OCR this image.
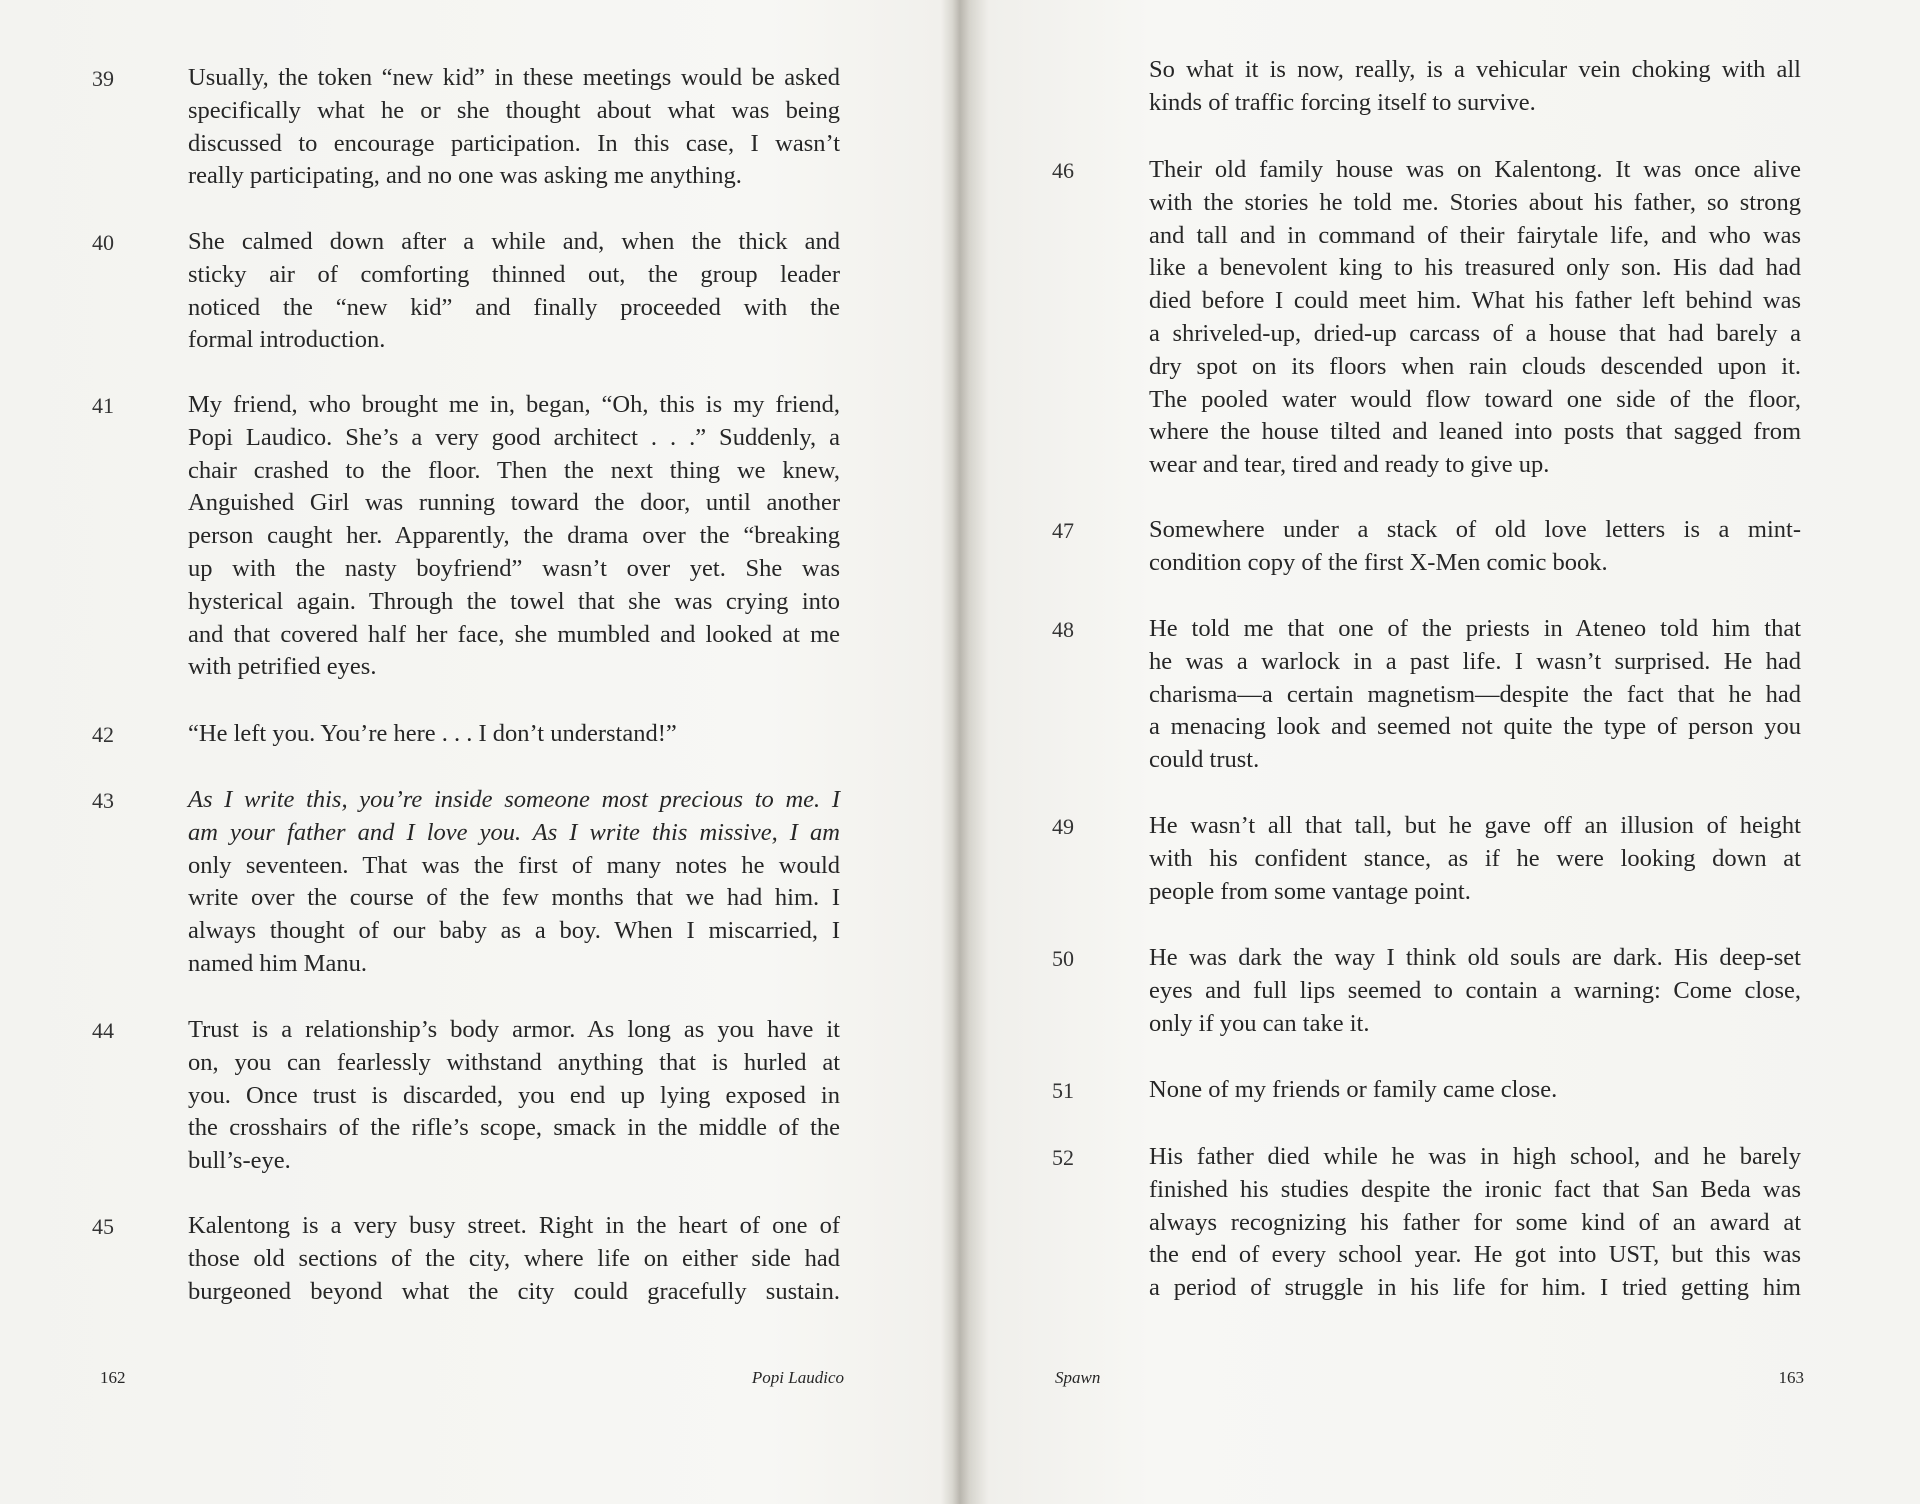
39	Usually, the token “new kid” in these meetings would be asked
specifically what he or she thought about what was being
discussed to encourage participation. In this case, I wasn’t
really participating, and no one was asking me anything.
40	She calmed down after a while and, when the thick and
sticky air of comforting thinned out, the group leader
noticed the “new kid” and finally proceeded with the
formal introduction.
41	My friend, who brought me in, began, “Oh, this is my friend,
Popi Laudico. She’s a very good architect . . .” Suddenly, a
chair crashed to the floor. Then the next thing we knew,
Anguished Girl was running toward the door, until another
person caught her. Apparently, the drama over the “breaking
up with the nasty boyfriend” wasn’t over yet. She was
hysterical again. Through the towel that she was crying into
and that covered half her face, she mumbled and looked at me
with petrified eyes.
42	“He left you. You’re here . . . I don’t understand!”
43	As I write this, you’re inside someone most precious to me. I
am your father and I love you. As I write this missive, I am
only seventeen. That was the first of many notes he would
write over the course of the few months that we had him. I
always thought of our baby as a boy. When I miscarried, I
named him Manu.
44	Trust is a relationship’s body armor. As long as you have it
on, you can fearlessly withstand anything that is hurled at
you. Once trust is discarded, you end up lying exposed in
the crosshairs of the rifle’s scope, smack in the middle of the
bull’s-eye.
45	Kalentong is a very busy street. Right in the heart of one of
those old sections of the city, where life on either side had
burgeoned beyond what the city could gracefully sustain.
162	Popi Laudico
So what it is now, really, is a vehicular vein choking with all
kinds of traffic forcing itself to survive.
46	Their old family house was on Kalentong. It was once alive
with the stories he told me. Stories about his father, so strong
and tall and in command of their fairytale life, and who was
like a benevolent king to his treasured only son. His dad had
died before I could meet him. What his father left behind was
a shriveled-up, dried-up carcass of a house that had barely a
dry spot on its floors when rain clouds descended upon it.
The pooled water would flow toward one side of the floor,
where the house tilted and leaned into posts that sagged from
wear and tear, tired and ready to give up.
47	Somewhere under a stack of old love letters is a mint-
condition copy of the first X-Men comic book.
48	He told me that one of the priests in Ateneo told him that
he was a warlock in a past life. I wasn’t surprised. He had
charisma—a certain magnetism—despite the fact that he had
a menacing look and seemed not quite the type of person you
could trust.
49	He wasn’t all that tall, but he gave off an illusion of height
with his confident stance, as if he were looking down at
people from some vantage point.
50	He was dark the way I think old souls are dark. His deep-set
eyes and full lips seemed to contain a warning: Come close,
only if you can take it.
51	None of my friends or family came close.
52	His father died while he was in high school, and he barely
finished his studies despite the ironic fact that San Beda was
always recognizing his father for some kind of an award at
the end of every school year. He got into UST, but this was
a period of struggle in his life for him. I tried getting him
Spawn	163
